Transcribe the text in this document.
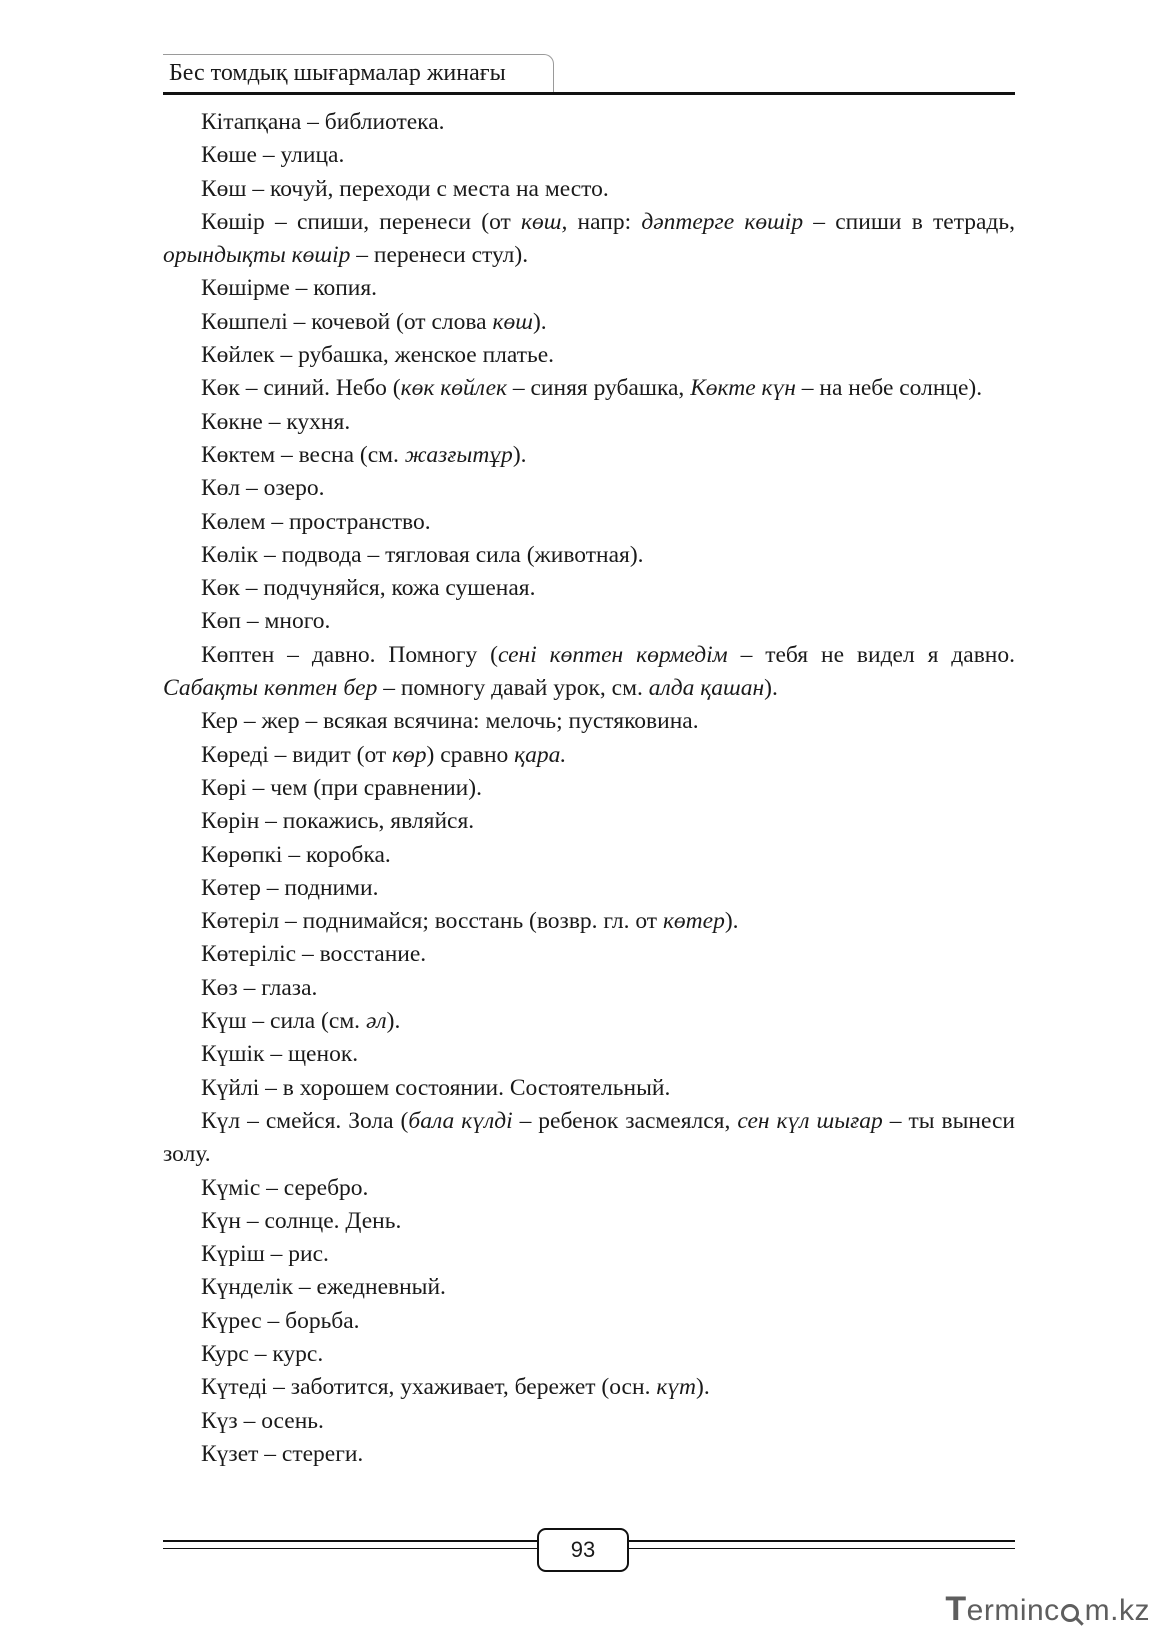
Бес томдық шығармалар жинағы

Кітапқана – библиотека.

Көше – улица.

Көш – кочуй, переходи с места на место.

Көшір – спиши, перенеси (от көш, напр: дәптерге көшір – спиши в тетрадь, орындықты көшір – перенеси стул).

Көшірме – копия.

Көшпелі – кочевой (от слова көш).

Көйлек – рубашка, женское платье.

Көк – синий. Небо (көк көйлек – синяя рубашка, Көкте күн – на небе солнце).

Көкне – кухня.

Көктем – весна (см. жазғытұр).

Көл – озеро.

Көлем – пространство.

Көлік – подвода – тягловая сила (животная).

Көк – подчуняйся, кожа сушеная.

Көп – много.

Көптен – давно. Помногу (сені көптен көрмедім – тебя не видел я давно. Сабақты көптен бер – помногу давай урок, см. алда қашан).

Кер – жер – всякая всячина: мелочь; пустяковина.

Көреді – видит (от көр) сравно қара.

Көрі – чем (при сравнении).

Көрін – покажись, являйся.

Көрөпкі – коробка.

Көтер – подними.

Көтеріл – поднимайся; восстань (возвр. гл. от көтер).

Көтеріліс – восстание.

Көз – глаза.

Күш – сила (см. әл).

Күшік – щенок.

Күйлі – в хорошем состоянии. Состоятельный.

Күл – смейся. Зола (бала күлді – ребенок засмеялся, сен күл шығар – ты вынеси золу.

Күміс – серебро.

Күн – солнце. День.

Күріш – рис.

Күнделік – ежедневный.

Күрес – борьба.

Курс – курс.

Күтеді – заботится, ухаживает, бережет (осн. күт).

Күз – осень.

Күзет – стереги.

93
Terminc m.kz
